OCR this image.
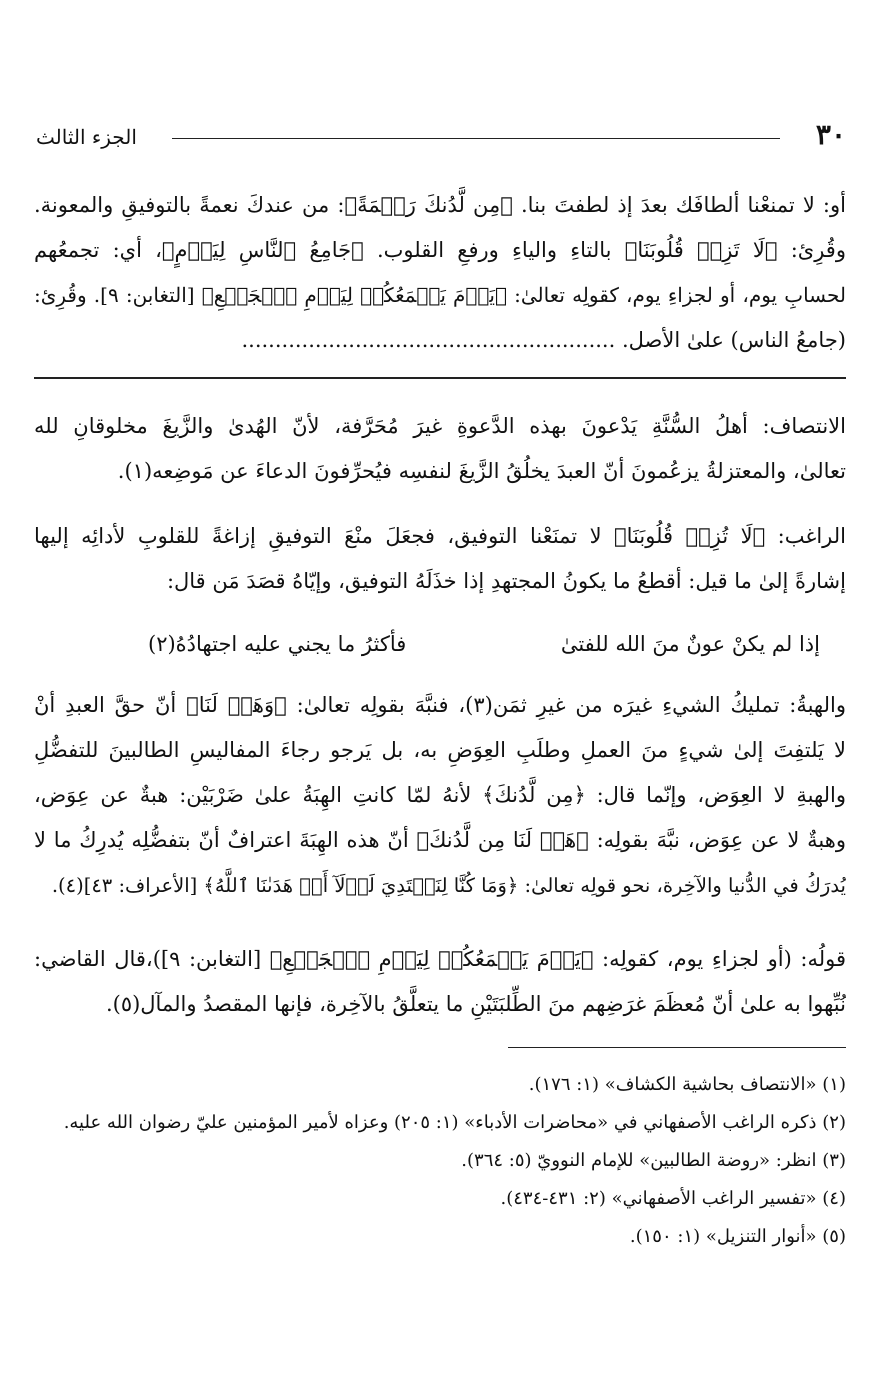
٣٠
الجزء الثالث
أو: لا تمنعْنا ألطافَك بعدَ إذ لطفتَ بنا. ﴿مِن لَّدُنكَ رَحۡمَةً﴾: من عندكَ نعمةً بالتوفيقِ والمعونة.
وقُرِئ: ﴿لَا تَزِغۡ قُلُوبَنَا﴾ بالتاءِ والياءِ ورفعِ القلوب. ﴿جَامِعُ ٱلنَّاسِ لِيَوۡمٍ﴾، أي: تجمعُهم
لحسابِ يوم، أو لجزاءِ يوم، كقولِه تعالىٰ: ﴿يَوۡمَ يَجۡمَعُكُمۡ لِيَوۡمِ ٱلۡجَمۡعِ﴾ [التغابن: ٩]. وقُرِئ:
(جامعُ الناس) علىٰ الأصل. ........................................................
الانتصاف: أهلُ السُّنَّةِ يَدْعونَ بهذه الدَّعوةِ غيرَ مُحَرَّفة، لأنّ الهُدىٰ والزَّيغَ مخلوقانِ لله
تعالىٰ، والمعتزلةُ يزعُمونَ أنّ العبدَ يخلُقُ الزَّيغَ لنفسِه فيُحرِّفونَ الدعاءَ عن مَوضِعه(١).
الراغب: ﴿لَا تُزِغۡ قُلُوبَنَا﴾ لا تمنَعْنا التوفيق، فجعَلَ منْعَ التوفيقِ إزاغةً للقلوبِ لأدائِه إليها
إشارةً إلىٰ ما قيل: أقطعُ ما يكونُ المجتهدِ إذا خذَلَهُ التوفيق، وإيّاهُ قصَدَ مَن قال:
إذا لم يكنْ عونٌ منَ الله للفتىٰ
فأكثرُ ما يجني عليه اجتهادُهُ(٢)
والهبةُ: تمليكُ الشيءِ غيرَه من غيرِ ثمَن(٣)، فنبَّهَ بقولِه تعالىٰ: ﴿وَهَبۡ لَنَا﴾ أنّ حقَّ العبدِ أنْ
لا يَلتفِتَ إلىٰ شيءٍ منَ العملِ وطلَبِ العِوَضِ به، بل يَرجو رجاءَ المفاليسِ الطالبينَ للتفضُّلِ
والهبةِ لا العِوَض، وإنّما قال: ﴿مِن لَّدُنكَ﴾ لأنهُ لمّا كانتِ الهِبَةُ علىٰ ضَرْبَيْن: هبةٌ عن عِوَض،
وهبةٌ لا عن عِوَض، نبَّهَ بقولِه: ﴿هَبۡ لَنَا مِن لَّدُنكَ﴾ أنّ هذه الهِبَةَ اعترافٌ أنّ بتفضُّلِه يُدرِكُ ما لا
يُدرَكُ في الدُّنيا والآخِرة، نحو قولِه تعالىٰ: ﴿وَمَا كُنَّا لِنَهۡتَدِيَ لَوۡلَآ أَنۡ هَدَىٰنَا ٱللَّهُ﴾ [الأعراف: ٤٣](٤).
قولُه: (أو لجزاءِ يوم، كقولِه: ﴿يَوۡمَ يَجۡمَعُكُمۡ لِيَوۡمِ ٱلۡجَمۡعِ﴾ [التغابن: ٩])،قال القاضي:
نُبِّهوا به علىٰ أنّ مُعظَمَ غرَضِهم منَ الطِّلبَتَيْنِ ما يتعلَّقُ بالآخِرة، فإنها المقصدُ والمآل(٥).
(١) «الانتصاف بحاشية الكشاف» (١: ١٧٦).
(٢) ذكره الراغب الأصفهاني في «محاضرات الأدباء» (١: ٢٠٥) وعزاه لأمير المؤمنين عليّ رضوان الله عليه.
(٣) انظر: «روضة الطالبين» للإمام النوويّ (٥: ٣٦٤).
(٤) «تفسير الراغب الأصفهاني» (٢: ٤٣١-٤٣٤).
(٥) «أنوار التنزيل» (١: ١٥٠).
